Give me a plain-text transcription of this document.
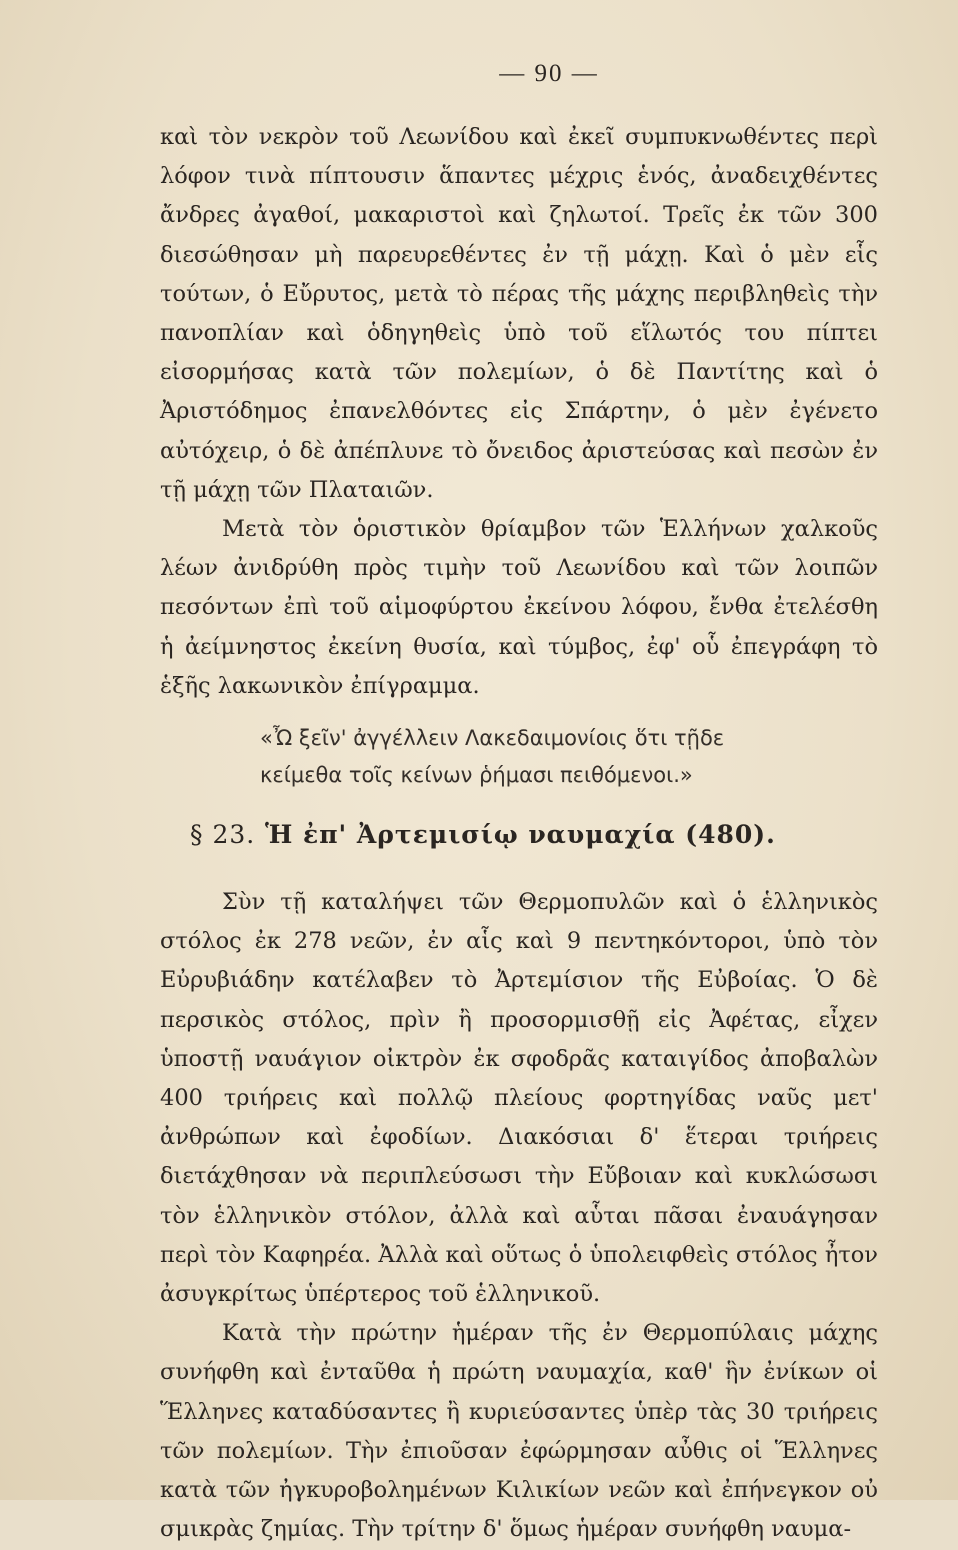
— 90 —

καὶ τὸν νεκρὸν τοῦ Λεωνίδου καὶ ἐκεῖ συμπυκνωθέντες περὶ λόφον τινὰ πίπτουσιν ἅπαντες μέχρις ἑνός, ἀναδειχθέντες ἄνδρες ἀγαθοί, μακαριστοὶ καὶ ζηλωτοί. Τρεῖς ἐκ τῶν 300 διεσώθησαν μὴ παρευρεθέντες ἐν τῇ μάχῃ. Καὶ ὁ μὲν εἷς τούτων, ὁ Εὔρυτος, μετὰ τὸ πέρας τῆς μάχης περιβληθεὶς τὴν πανοπλίαν καὶ ὁδηγηθεὶς ὑπὸ τοῦ εἵλωτός του πίπτει εἰσορμήσας κατὰ τῶν πολεμίων, ὁ δὲ Παντίτης καὶ ὁ Ἀριστόδημος ἐπανελθόντες εἰς Σπάρτην, ὁ μὲν ἐγένετο αὐτόχειρ, ὁ δὲ ἀπέπλυνε τὸ ὄνειδος ἀριστεύσας καὶ πεσὼν ἐν τῇ μάχῃ τῶν Πλαταιῶν.

Μετὰ τὸν ὁριστικὸν θρίαμβον τῶν Ἑλλήνων χαλκοῦς λέων ἀνιδρύθη πρὸς τιμὴν τοῦ Λεωνίδου καὶ τῶν λοιπῶν πεσόντων ἐπὶ τοῦ αἱμοφύρτου ἐκείνου λόφου, ἔνθα ἐτελέσθη ἡ ἀείμνηστος ἐκείνη θυσία, καὶ τύμβος, ἐφ' οὗ ἐπεγράφη τὸ ἑξῆς λακωνικὸν ἐπίγραμμα.

«Ὦ ξεῖν' ἀγγέλλειν Λακεδαιμονίοις ὅτι τῇδε
κείμεθα τοῖς κείνων ῥήμασι πειθόμενοι.»
§ 23. Ἡ ἐπ' Ἀρτεμισίῳ ναυμαχία (480).

Σὺν τῇ καταλήψει τῶν Θερμοπυλῶν καὶ ὁ ἑλληνικὸς στόλος ἐκ 278 νεῶν, ἐν αἷς καὶ 9 πεντηκόντοροι, ὑπὸ τὸν Εὐρυβιάδην κατέλαβεν τὸ Ἀρτεμίσιον τῆς Εὐβοίας. Ὁ δὲ περσικὸς στόλος, πρὶν ἢ προσορμισθῇ εἰς Ἀφέτας, εἶχεν ὑποστῇ ναυάγιον οἰκτρὸν ἐκ σφοδρᾶς καταιγίδος ἀποβαλὼν 400 τριήρεις καὶ πολλῷ πλείους φορτηγίδας ναῦς μετ' ἀνθρώπων καὶ ἐφοδίων. Διακόσιαι δ' ἕτεραι τριήρεις διετάχθησαν νὰ περιπλεύσωσι τὴν Εὔβοιαν καὶ κυκλώσωσι τὸν ἑλληνικὸν στόλον, ἀλλὰ καὶ αὗται πᾶσαι ἐναυάγησαν περὶ τὸν Καφηρέα. Ἀλλὰ καὶ οὕτως ὁ ὑπολειφθεὶς στόλος ἦτον ἀσυγκρίτως ὑπέρτερος τοῦ ἑλληνικοῦ.

Κατὰ τὴν πρώτην ἡμέραν τῆς ἐν Θερμοπύλαις μάχης συνήφθη καὶ ἐνταῦθα ἡ πρώτη ναυμαχία, καθ' ἣν ἐνίκων οἱ Ἕλληνες καταδύσαντες ἢ κυριεύσαντες ὑπὲρ τὰς 30 τριήρεις τῶν πολεμίων. Τὴν ἐπιοῦσαν ἐφώρμησαν αὖθις οἱ Ἕλληνες κατὰ τῶν ἠγκυροβολημένων Κιλικίων νεῶν καὶ ἐπήνεγκον οὐ σμικρὰς ζημίας. Τὴν τρίτην δ' ὅμως ἡμέραν συνήφθη ναυμα-
